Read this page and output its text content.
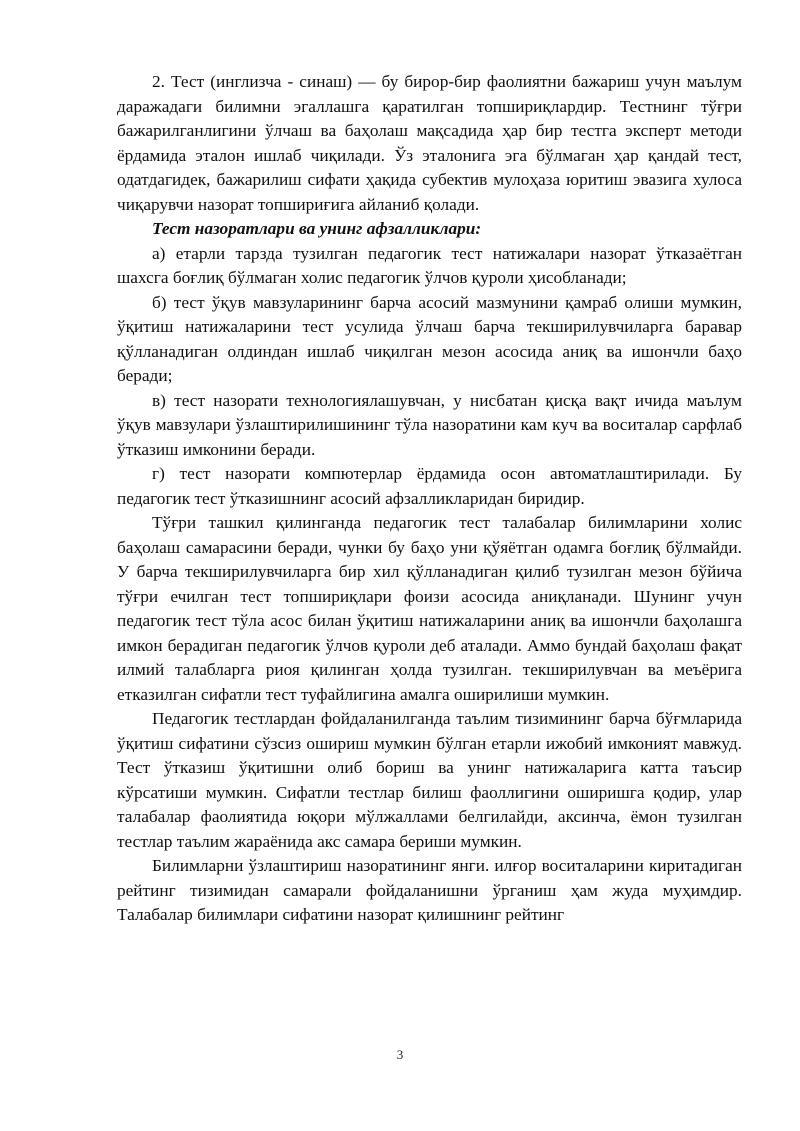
2. Тест (инглизча - синаш) — бу бирор-бир фаолиятни бажариш учун маълум даражадаги билимни эгаллашга қаратилган топшириқлардир. Тестнинг тўғри бажарилганлигини ўлчаш ва баҳолаш мақсадида ҳар бир тестга эксперт методи ёрдамида эталон ишлаб чиқилади. Ўз эталонига эга бўлмаган ҳар қандай тест, одатдагидек, бажарилиш сифати ҳақида субектив мулоҳаза юритиш эвазига хулоса чиқарувчи назорат топшириғига айланиб қолади.

Тест назоратлари ва унинг афзалликлари:

а) етарли тарзда тузилган педагогик тест натижалари назорат ўтказаётган шахсга боғлиқ бўлмаган холис педагогик ўлчов қуроли ҳисобланади;

б) тест ўқув мавзуларининг барча асосий мазмунини қамраб олиши мумкин, ўқитиш натижаларини тест усулида ўлчаш барча текширилувчиларга баравар қўлланадиган олдиндан ишлаб чиқилган мезон асосида аниқ ва ишончли баҳо беради;

в) тест назорати технологиялашувчан, у нисбатан қисқа вақт ичида маълум ўқув мавзулари ўзлаштирилишининг тўла назоратини кам куч ва воситалар сарфлаб ўтказиш имконини беради.

г) тест назорати компютерлар ёрдамида осон автоматлаштирилади. Бу педагогик тест ўтказишнинг асосий афзалликларидан биридир.

Тўғри ташкил қилинганда педагогик тест талабалар билимларини холис баҳолаш самарасини беради, чунки бу баҳо уни қўяётган одамга боғлиқ бўлмайди. У барча текширилувчиларга бир хил қўлланадиган қилиб тузилган мезон бўйича тўғри ечилган тест топшириқлари фоизи асосида аниқланади. Шунинг учун педагогик тест тўла асос билан ўқитиш натижаларини аниқ ва ишончли баҳолашга имкон берадиган педагогик ўлчов қуроли деб аталади. Аммо бундай баҳолаш фақат илмий талабларга риоя қилинган ҳолда тузилган. текширилувчан ва меъёрига етказилган сифатли тест туфайлигина амалга оширилиши мумкин.

Педагогик тестлардан фойдаланилганда таълим тизимининг барча бўғмларида ўқитиш сифатини сўзсиз ошириш мумкин бўлган етарли ижобий имконият мавжуд. Тест ўтказиш ўқитишни олиб бориш ва унинг натижаларига катта таъсир кўрсатиши мумкин. Сифатли тестлар билиш фаоллигини оширишга қодир, улар талабалар фаолиятида юқори мўлжаллами белгилайди, аксинча, ёмон тузилган тестлар таълим жараёнида акс самара бериши мумкин.

Билимларни ўзлаштириш назоратининг янги. илғор воситаларини киритадиган рейтинг тизимидан самарали фойдаланишни ўрганиш ҳам жуда муҳимдир. Талабалар билимлари сифатини назорат қилишнинг рейтинг

3
